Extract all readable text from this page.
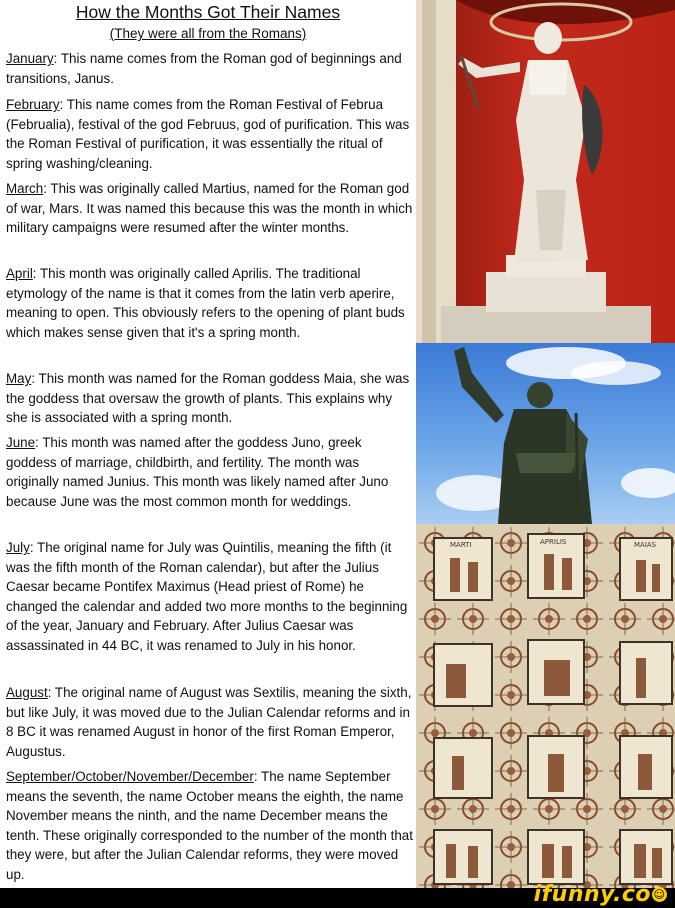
How the Months Got Their Names
(They were all from the Romans)

January: This name comes from the Roman god of beginnings and transitions, Janus.

February: This name comes from the Roman Festival of Februa (Februalia), festival of the god Februus, god of purification. This was the Roman Festival of purification, it was essentially the ritual of spring washing/cleaning.

March: This was originally called Martius, named for the Roman god of war, Mars. It was named this because this was the month in which military campaigns were resumed after the winter months.

April: This month was originally called Aprilis. The traditional etymology of the name is that it comes from the latin verb aperire, meaning to open. This obviously refers to the opening of plant buds which makes sense given that it's a spring month.

May: This month was named for the Roman goddess Maia, she was the goddess that oversaw the growth of plants. This explains why she is associated with a spring month.

June: This month was named after the goddess Juno, greek goddess of marriage, childbirth, and fertility. The month was originally named Junius. This month was likely named after Juno because June was the most common month for weddings.

July: The original name for July was Quintilis, meaning the fifth (it was the fifth month of the Roman calendar), but after the Julius Caesar became Pontifex Maximus (Head priest of Rome) he changed the calendar and added two more months to the beginning of the year, January and February. After Julius Caesar was assassinated in 44 BC, it was renamed to July in his honor.

August: The original name of August was Sextilis, meaning the sixth, but like July, it was moved due to the Julian Calendar reforms and in 8 BC it was renamed August in honor of the first Roman Emperor, Augustus.

September/October/November/December: The name September means the seventh, the name October means the eighth, the name November means the ninth, and the name December means the tenth. These originally corresponded to the number of the month that they were, but after the Julian Calendar reforms, they were moved up.

MARTI	APRILIS	MAIAS
ifunny.co ☺
